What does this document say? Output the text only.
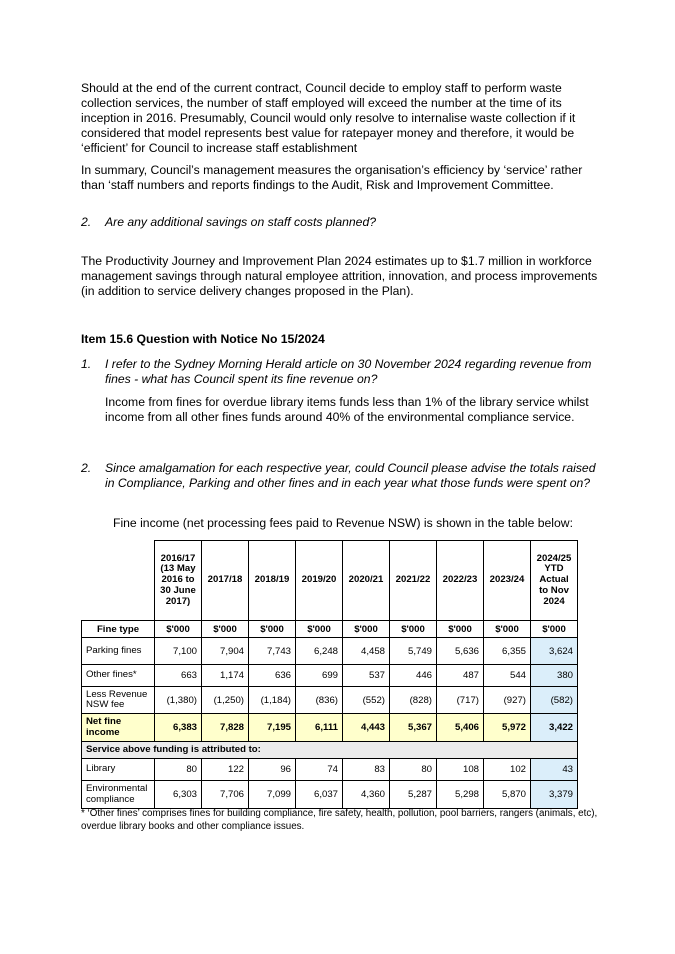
Should at the end of the current contract, Council decide to employ staff to perform waste collection services, the number of staff employed will exceed the number at the time of its inception in 2016. Presumably, Council would only resolve to internalise waste collection if it considered that model represents best value for ratepayer money and therefore, it would be ‘efficient’ for Council to increase staff establishment

In summary, Council’s management measures the organisation’s efficiency by ‘service’ rather than ‘staff numbers and reports findings to the Audit, Risk and Improvement Committee.

2. Are any additional savings on staff costs planned?

The Productivity Journey and Improvement Plan 2024 estimates up to $1.7 million in workforce management savings through natural employee attrition, innovation, and process improvements (in addition to service delivery changes proposed in the Plan).

Item 15.6 Question with Notice No 15/2024
1. I refer to the Sydney Morning Herald article on 30 November 2024 regarding revenue from fines - what has Council spent its fine revenue on?

Income from fines for overdue library items funds less than 1% of the library service whilst income from all other fines funds around 40% of the environmental compliance service.

2. Since amalgamation for each respective year, could Council please advise the totals raised in Compliance, Parking and other fines and in each year what those funds were spent on?

Fine income (net processing fees paid to Revenue NSW) is shown in the table below:

	2016/17 (13 May 2016 to 30 June 2017)	2017/18	2018/19	2019/20	2020/21	2021/22	2022/23	2023/24	2024/25 YTD Actual to Nov 2024
Fine type	$'000	$'000	$'000	$'000	$'000	$'000	$'000	$'000	$'000
Parking fines	7,100	7,904	7,743	6,248	4,458	5,749	5,636	6,355	3,624
Other fines*	663	1,174	636	699	537	446	487	544	380
Less Revenue NSW fee	(1,380)	(1,250)	(1,184)	(836)	(552)	(828)	(717)	(927)	(582)
Net fine income	6,383	7,828	7,195	6,111	4,443	5,367	5,406	5,972	3,422
Service above funding is attributed to:									
Library	80	122	96	74	83	80	108	102	43
Environmental compliance	6,303	7,706	7,099	6,037	4,360	5,287	5,298	5,870	3,379

* ‘Other fines’ comprises fines for building compliance, fire safety, health, pollution, pool barriers, rangers (animals, etc), overdue library books and other compliance issues.
